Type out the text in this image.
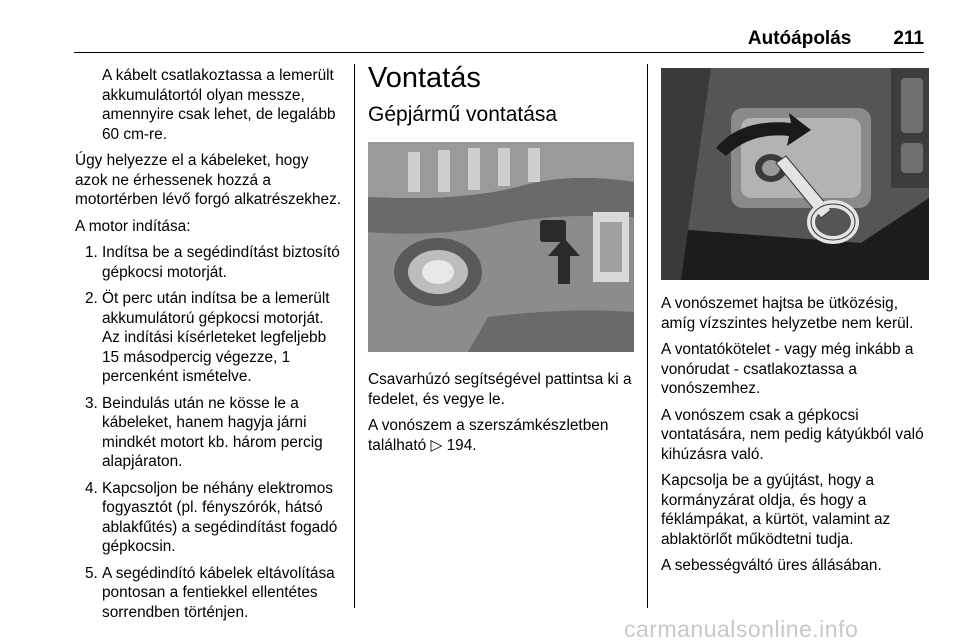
Autóápolás 211

A kábelt csatlakoztassa a lemerült akkumulátortól olyan messze, amennyire csak lehet, de legalább 60 cm-re.

Úgy helyezze el a kábeleket, hogy azok ne érhessenek hozzá a motortérben lévő forgó alkatrészekhez.

A motor indítása:

1. Indítsa be a segédindítást biztosító gépkocsi motorját.
2. Öt perc után indítsa be a lemerült akkumulátorú gépkocsi motorját. Az indítási kísérleteket legfeljebb 15 másodpercig végezze, 1 percenként ismételve.
3. Beindulás után ne kösse le a kábeleket, hanem hagyja járni mindkét motort kb. három percig alapjáraton.
4. Kapcsoljon be néhány elektromos fogyasztót (pl. fényszórók, hátsó ablakfűtés) a segédindítást fogadó gépkocsin.
5. A segédindító kábelek eltávolítása pontosan a fentiekkel ellentétes sorrendben történjen.
Vontatás
Gépjármű vontatása

Csavarhúzó segítségével pattintsa ki a fedelet, és vegye le.

A vonószem a szerszámkészletben található ▷ 194.

A vonószemet hajtsa be ütközésig, amíg vízszintes helyzetbe nem kerül.

A vontatókötelet - vagy még inkább a vonórudat - csatlakoztassa a vonószemhez.

A vonószem csak a gépkocsi vontatására, nem pedig kátyúkból való kihúzásra való.

Kapcsolja be a gyújtást, hogy a kormányzárat oldja, és hogy a féklámpákat, a kürtöt, valamint az ablaktörlőt működtetni tudja.

A sebességváltó üres állásában.

carmanualsonline.info
